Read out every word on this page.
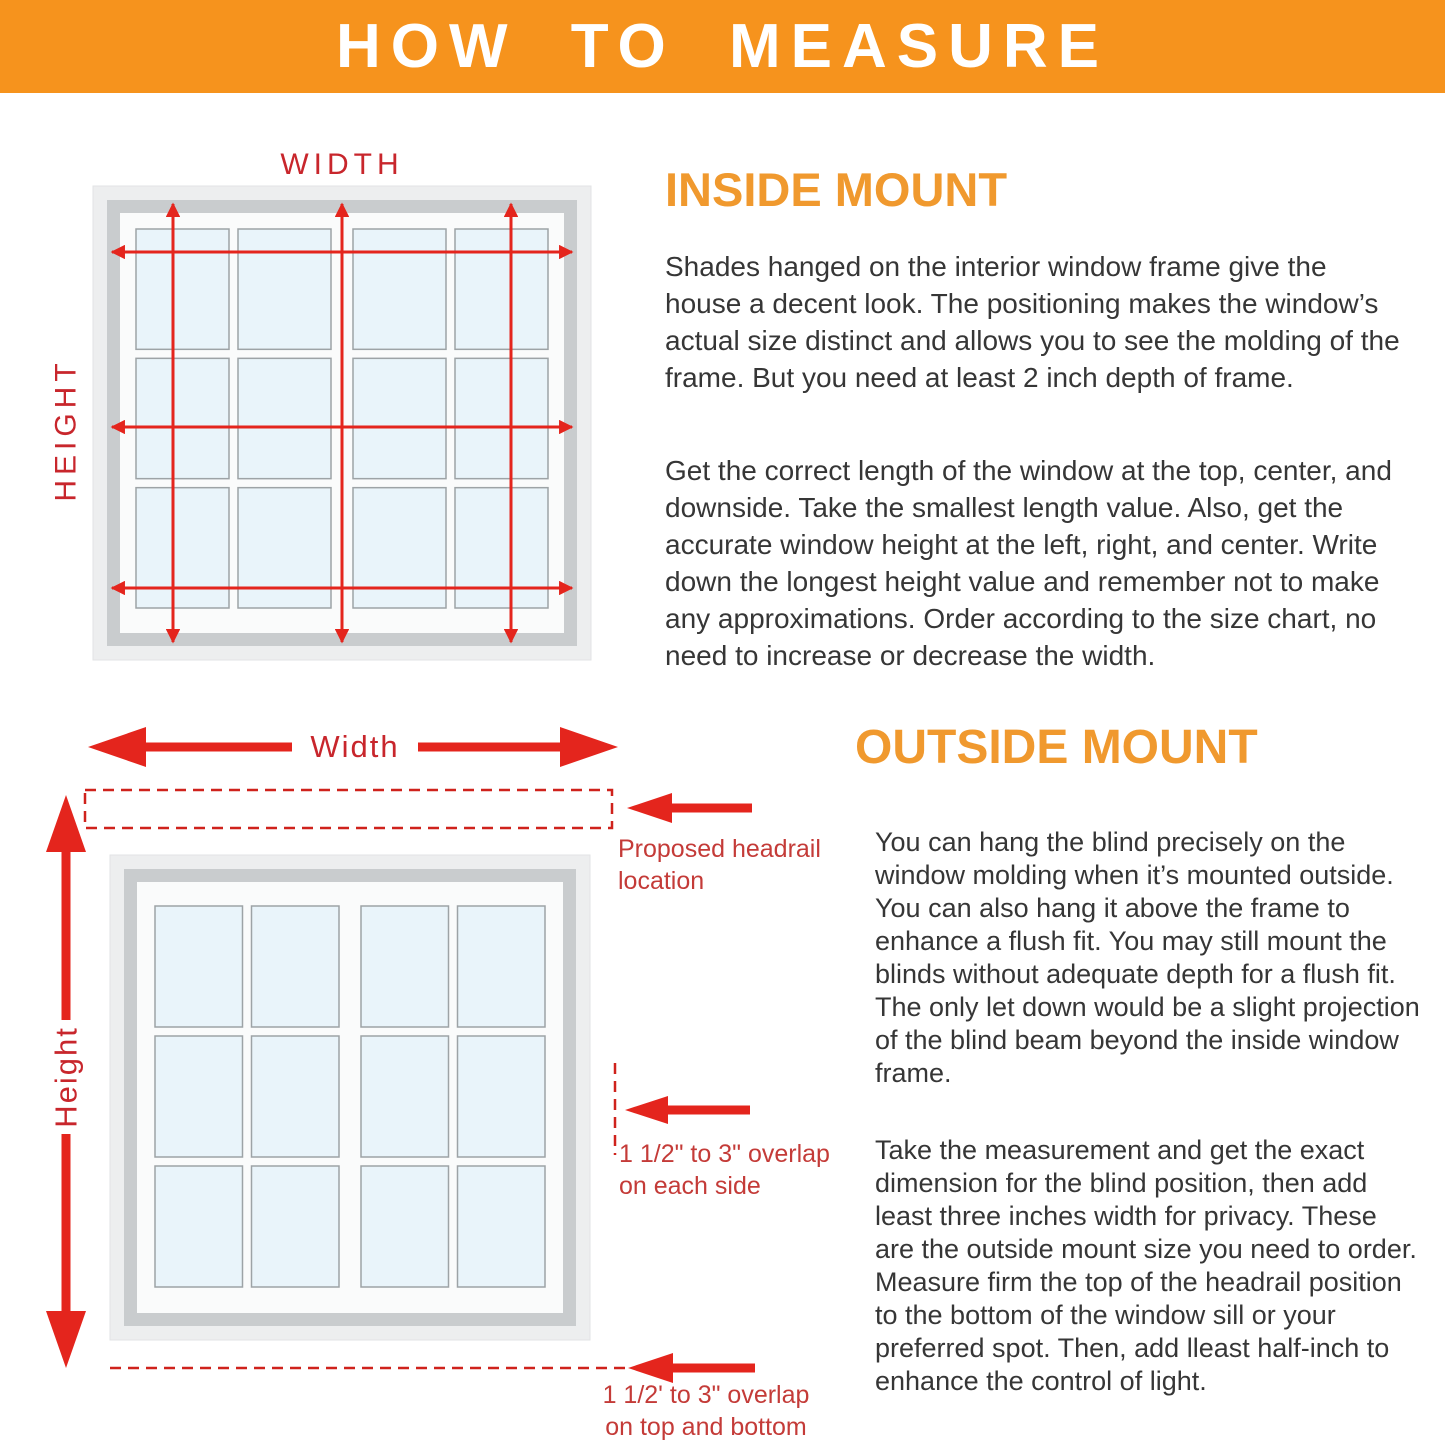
HOW TO MEASURE
WIDTH
HEIGHT
INSIDE MOUNT

Shades hanged on the interior window frame give the house a decent look. The positioning makes the window’s actual size distinct and allows you to see the molding of the frame. But you need at least 2 inch depth of frame.

Get the correct length of the window at the top, center, and downside. Take the smallest length value. Also, get the accurate window height at the left, right, and center. Write down the longest height value and remember not to make any approximations. Order according to the size chart, no need to increase or decrease the width.

Width
Proposed headrail
location
Height
1 1/2" to 3" overlap
on each side
1 1/2' to 3" overlap
on top and bottom
OUTSIDE MOUNT

You can hang the blind precisely on the window molding when it’s mounted outside. You can also hang it above the frame to enhance a flush fit. You may still mount the blinds without adequate depth for a flush fit. The only let down would be a slight projection of the blind beam beyond the inside window frame.

Take the measurement and get the exact dimension for the blind position, then add least three inches width for privacy. These are the outside mount size you need to order. Measure firm the top of the headrail position to the bottom of the window sill or your preferred spot. Then, add lleast half-inch to enhance the control of light.
